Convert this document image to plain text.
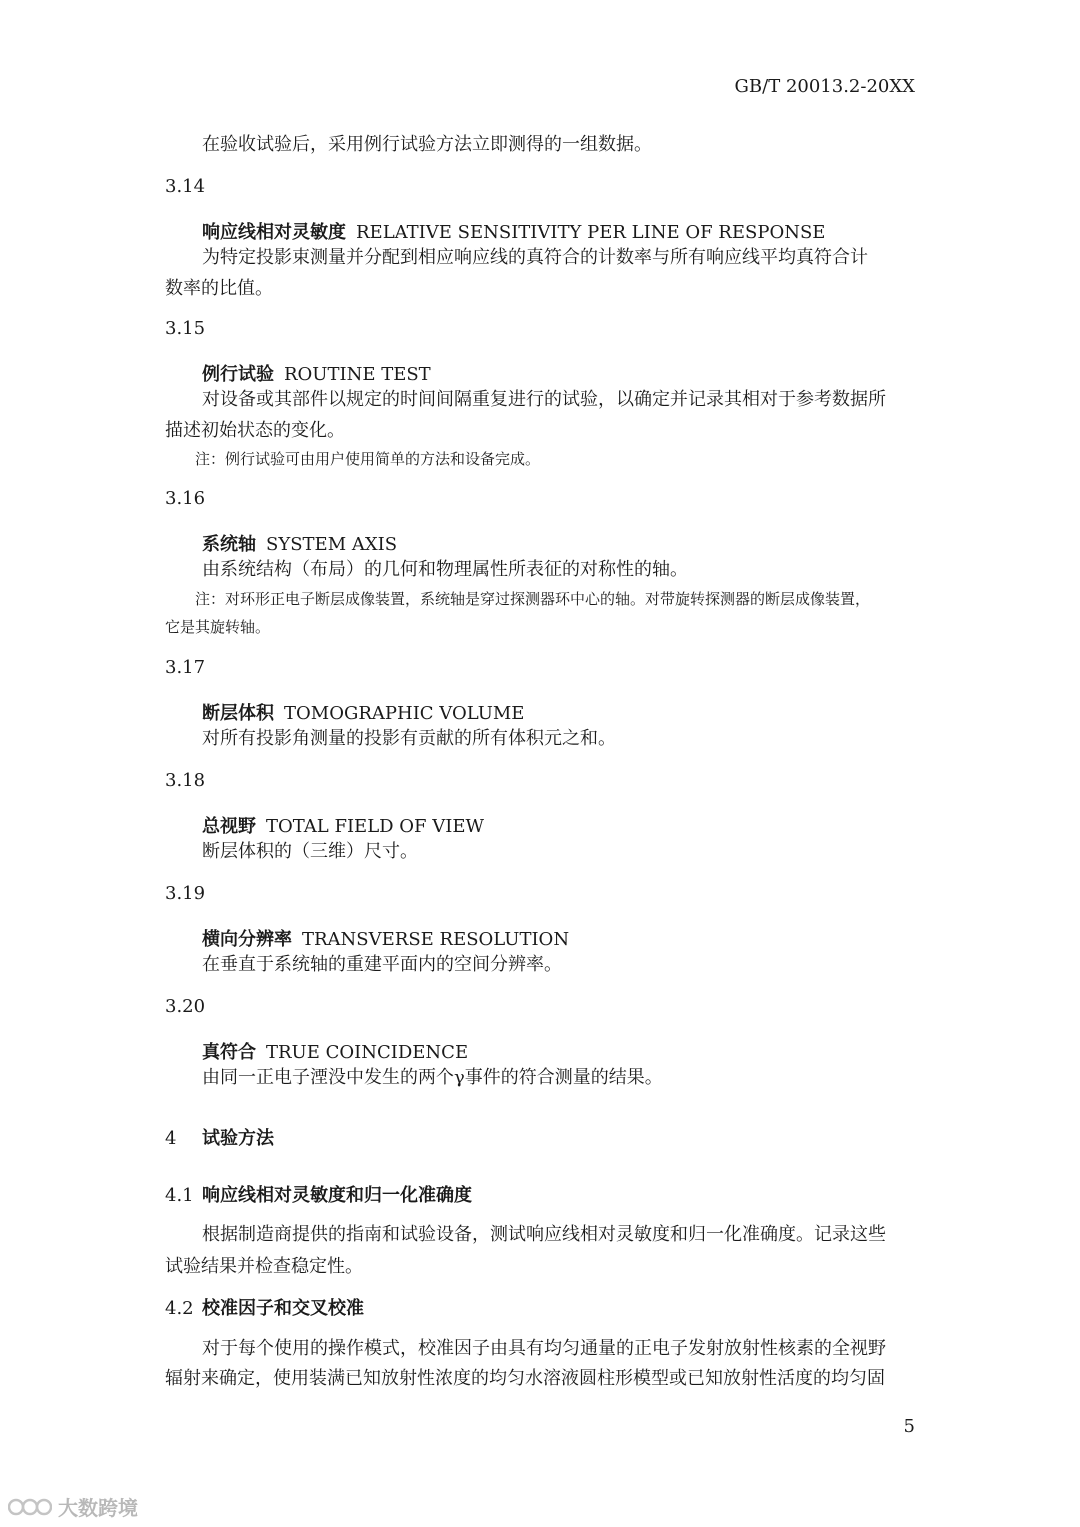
GB/T 20013.2-20XX
在验收试验后，采用例行试验方法立即测得的一组数据。
3.14
响应线相对灵敏度 RELATIVE SENSITIVITY PER LINE OF RESPONSE
为特定投影束测量并分配到相应响应线的真符合的计数率与所有响应线平均真符合计
数率的比值。
3.15
例行试验 ROUTINE TEST
对设备或其部件以规定的时间间隔重复进行的试验，以确定并记录其相对于参考数据所
描述初始状态的变化。
注：例行试验可由用户使用简单的方法和设备完成。
3.16
系统轴 SYSTEM AXIS
由系统结构（布局）的几何和物理属性所表征的对称性的轴。
注：对环形正电子断层成像装置，系统轴是穿过探测器环中心的轴。对带旋转探测器的断层成像装置，
它是其旋转轴。
3.17
断层体积 TOMOGRAPHIC VOLUME
对所有投影角测量的投影有贡献的所有体积元之和。
3.18
总视野 TOTAL FIELD OF VIEW
断层体积的（三维）尺寸。
3.19
横向分辨率 TRANSVERSE RESOLUTION
在垂直于系统轴的重建平面内的空间分辨率。
3.20
真符合 TRUE COINCIDENCE
由同一正电子湮没中发生的两个γ事件的符合测量的结果。
4 试验方法
4.1 响应线相对灵敏度和归一化准确度
根据制造商提供的指南和试验设备，测试响应线相对灵敏度和归一化准确度。记录这些
试验结果并检查稳定性。
4.2 校准因子和交叉校准
对于每个使用的操作模式，校准因子由具有均匀通量的正电子发射放射性核素的全视野
辐射来确定，使用装满已知放射性浓度的均匀水溶液圆柱形模型或已知放射性活度的均匀固
5
大数跨境
